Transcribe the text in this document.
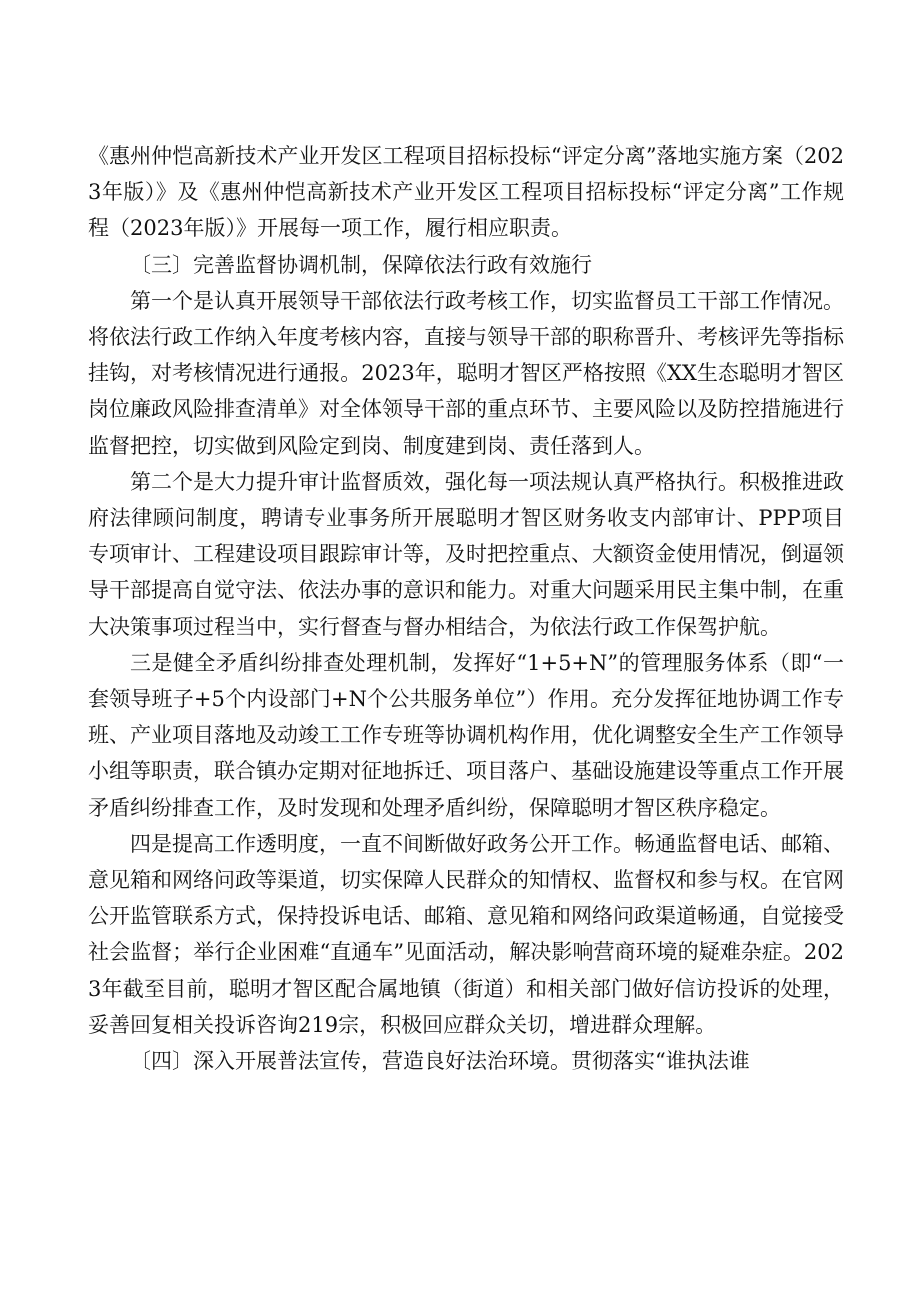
《惠州仲恺高新技术产业开发区工程项目招标投标“评定分离”落地实施方案（2023年版）》及《惠州仲恺高新技术产业开发区工程项目招标投标“评定分离”工作规程（2023年版）》开展每一项工作，履行相应职责。

〔三〕完善监督协调机制，保障依法行政有效施行

第一个是认真开展领导干部依法行政考核工作，切实监督员工干部工作情况。将依法行政工作纳入年度考核内容，直接与领导干部的职称晋升、考核评先等指标挂钩，对考核情况进行通报。2023年，聪明才智区严格按照《XX生态聪明才智区岗位廉政风险排查清单》对全体领导干部的重点环节、主要风险以及防控措施进行监督把控，切实做到风险定到岗、制度建到岗、责任落到人。

第二个是大力提升审计监督质效，强化每一项法规认真严格执行。积极推进政府法律顾问制度，聘请专业事务所开展聪明才智区财务收支内部审计、PPP项目专项审计、工程建设项目跟踪审计等，及时把控重点、大额资金使用情况，倒逼领导干部提高自觉守法、依法办事的意识和能力。对重大问题采用民主集中制，在重大决策事项过程当中，实行督查与督办相结合，为依法行政工作保驾护航。

三是健全矛盾纠纷排查处理机制，发挥好“1+5+N”的管理服务体系（即“一套领导班子+5个内设部门+N个公共服务单位”）作用。充分发挥征地协调工作专班、产业项目落地及动竣工工作专班等协调机构作用，优化调整安全生产工作领导小组等职责，联合镇办定期对征地拆迁、项目落户、基础设施建设等重点工作开展矛盾纠纷排查工作，及时发现和处理矛盾纠纷，保障聪明才智区秩序稳定。

四是提高工作透明度，一直不间断做好政务公开工作。畅通监督电话、邮箱、意见箱和网络问政等渠道，切实保障人民群众的知情权、监督权和参与权。在官网公开监管联系方式，保持投诉电话、邮箱、意见箱和网络问政渠道畅通，自觉接受社会监督；举行企业困难“直通车”见面活动，解决影响营商环境的疑难杂症。2023年截至目前，聪明才智区配合属地镇（街道）和相关部门做好信访投诉的处理，妥善回复相关投诉咨询219宗，积极回应群众关切，增进群众理解。

〔四〕深入开展普法宣传，营造良好法治环境。贯彻落实“谁执法谁
